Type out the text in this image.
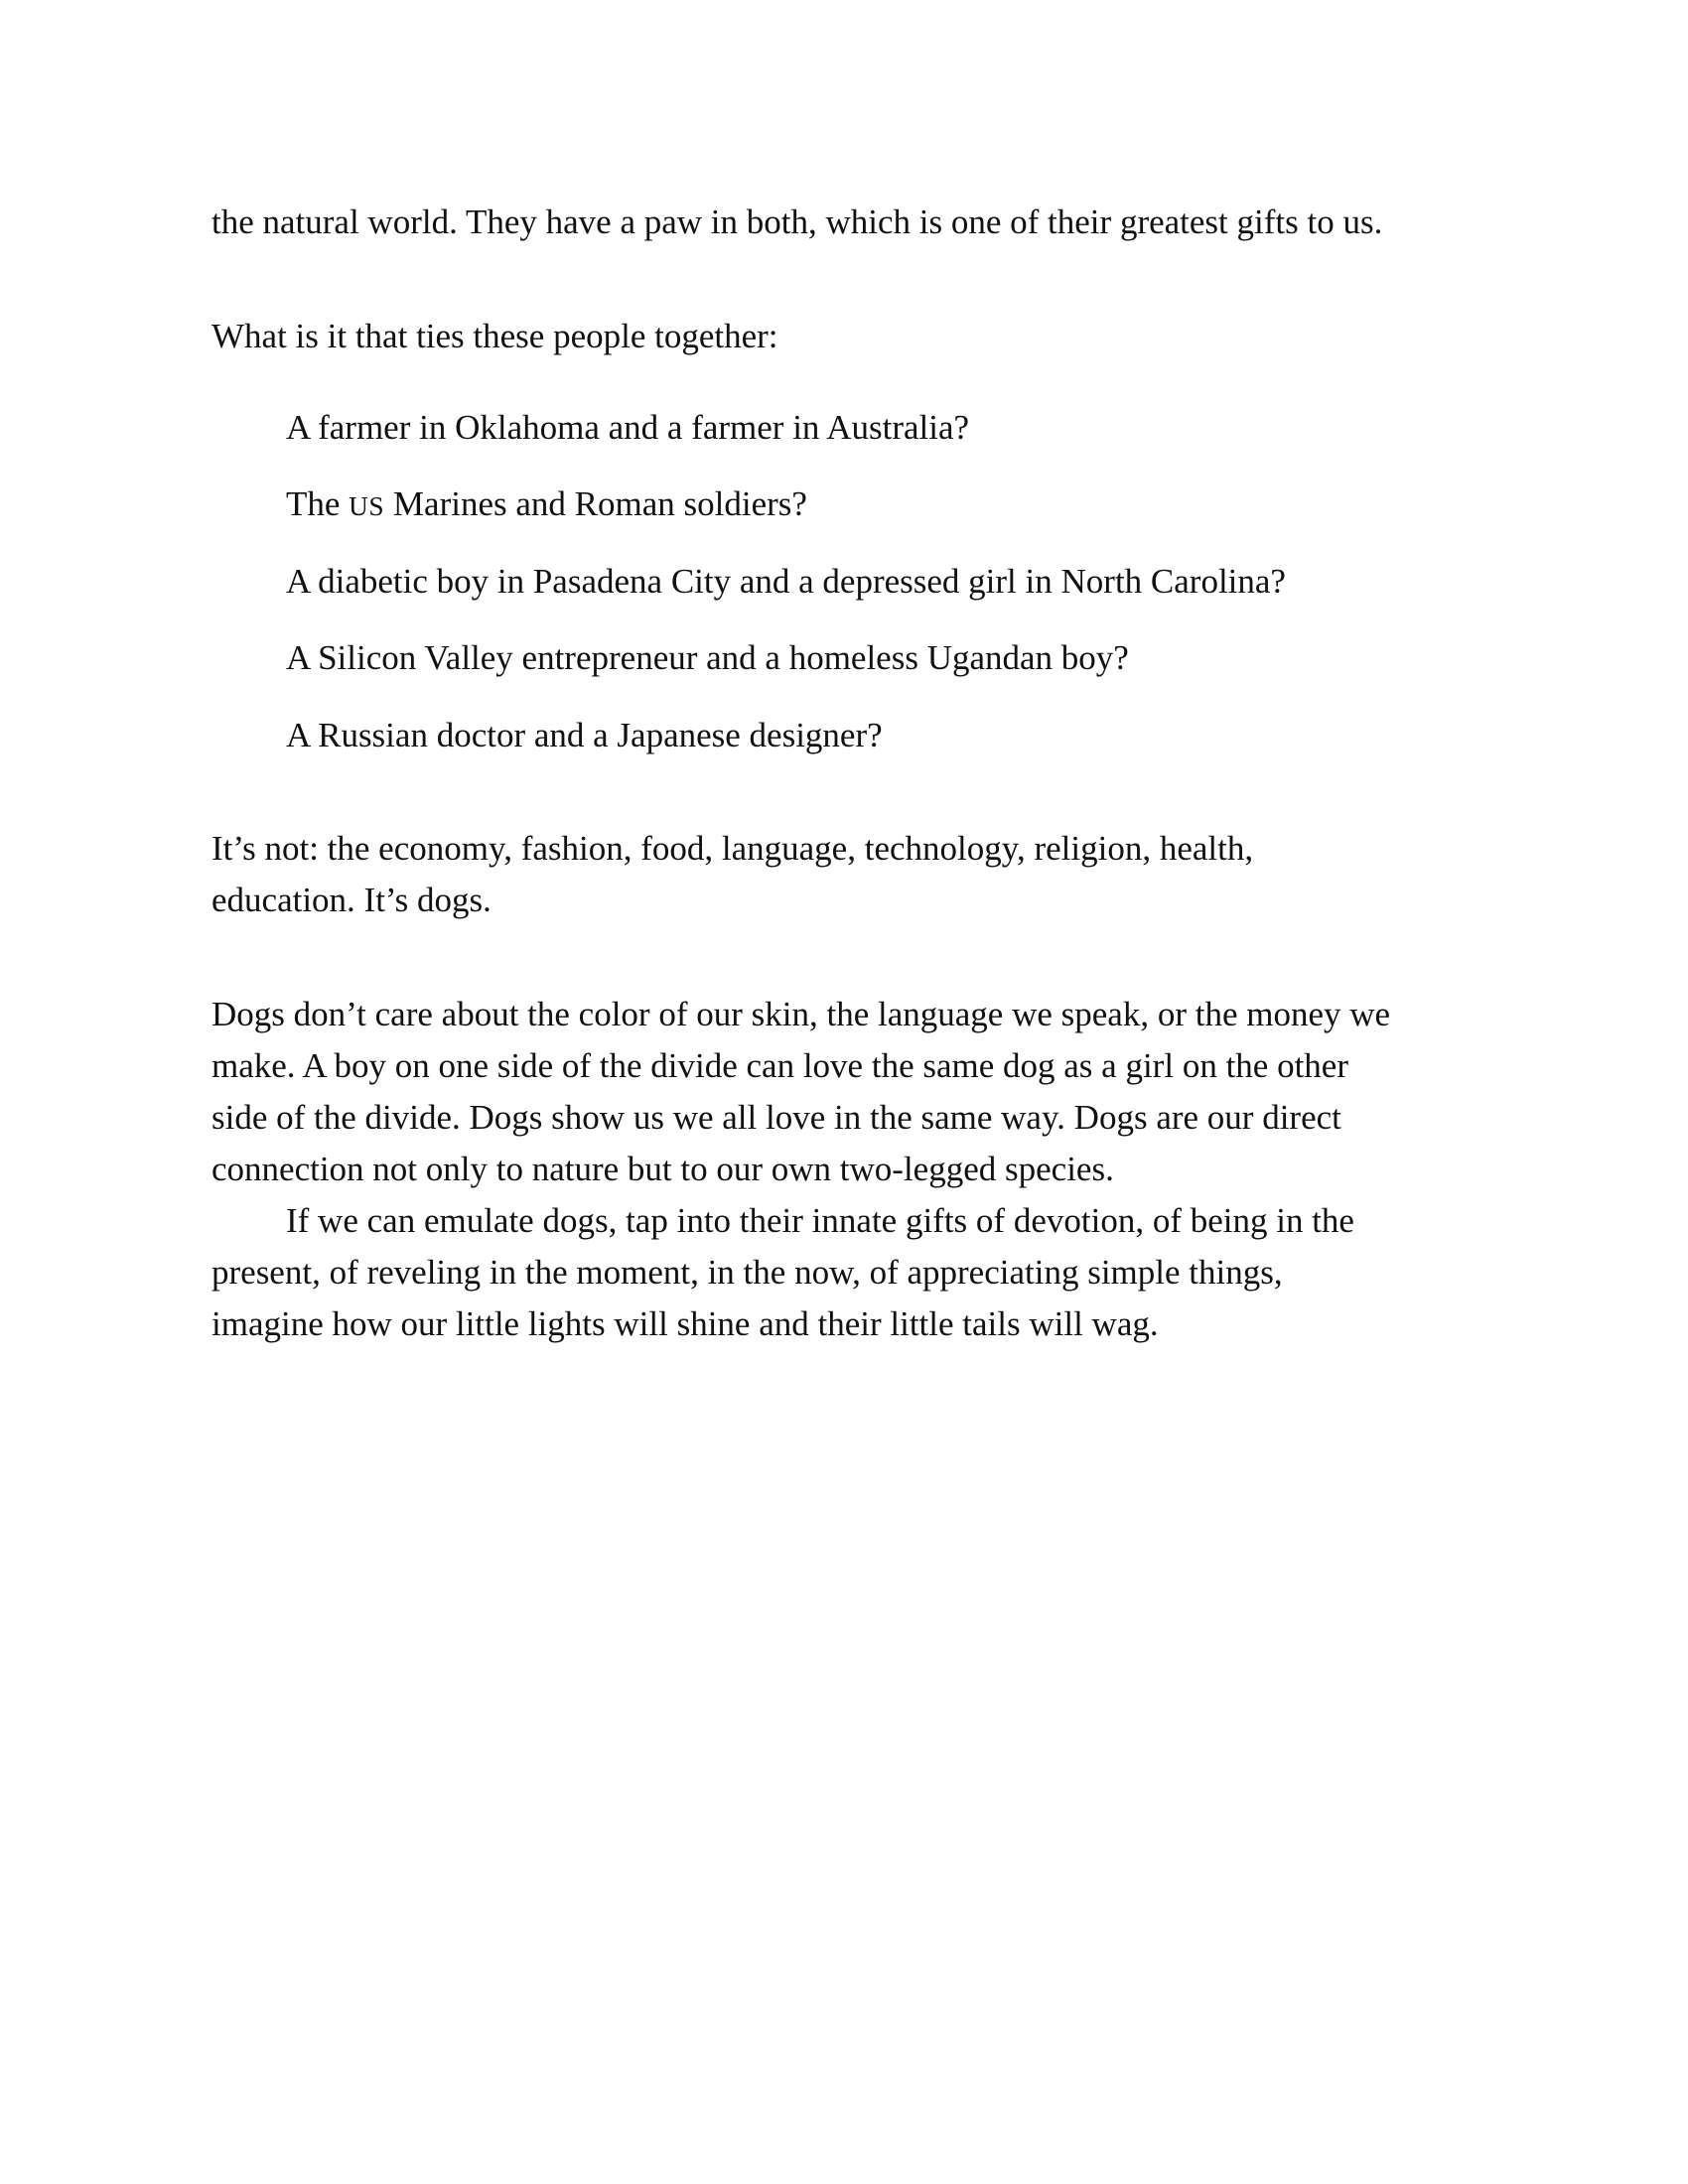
the natural world. They have a paw in both, which is one of their greatest gifts to us.

What is it that ties these people together:

A farmer in Oklahoma and a farmer in Australia?
The US Marines and Roman soldiers?
A diabetic boy in Pasadena City and a depressed girl in North Carolina?
A Silicon Valley entrepreneur and a homeless Ugandan boy?
A Russian doctor and a Japanese designer?

It’s not: the economy, fashion, food, language, technology, religion, health,
education. It’s dogs.

Dogs don’t care about the color of our skin, the language we speak, or the money we
make. A boy on one side of the divide can love the same dog as a girl on the other
side of the divide. Dogs show us we all love in the same way. Dogs are our direct
connection not only to nature but to our own two-legged species.
If we can emulate dogs, tap into their innate gifts of devotion, of being in the
present, of reveling in the moment, in the now, of appreciating simple things,
imagine how our little lights will shine and their little tails will wag.
